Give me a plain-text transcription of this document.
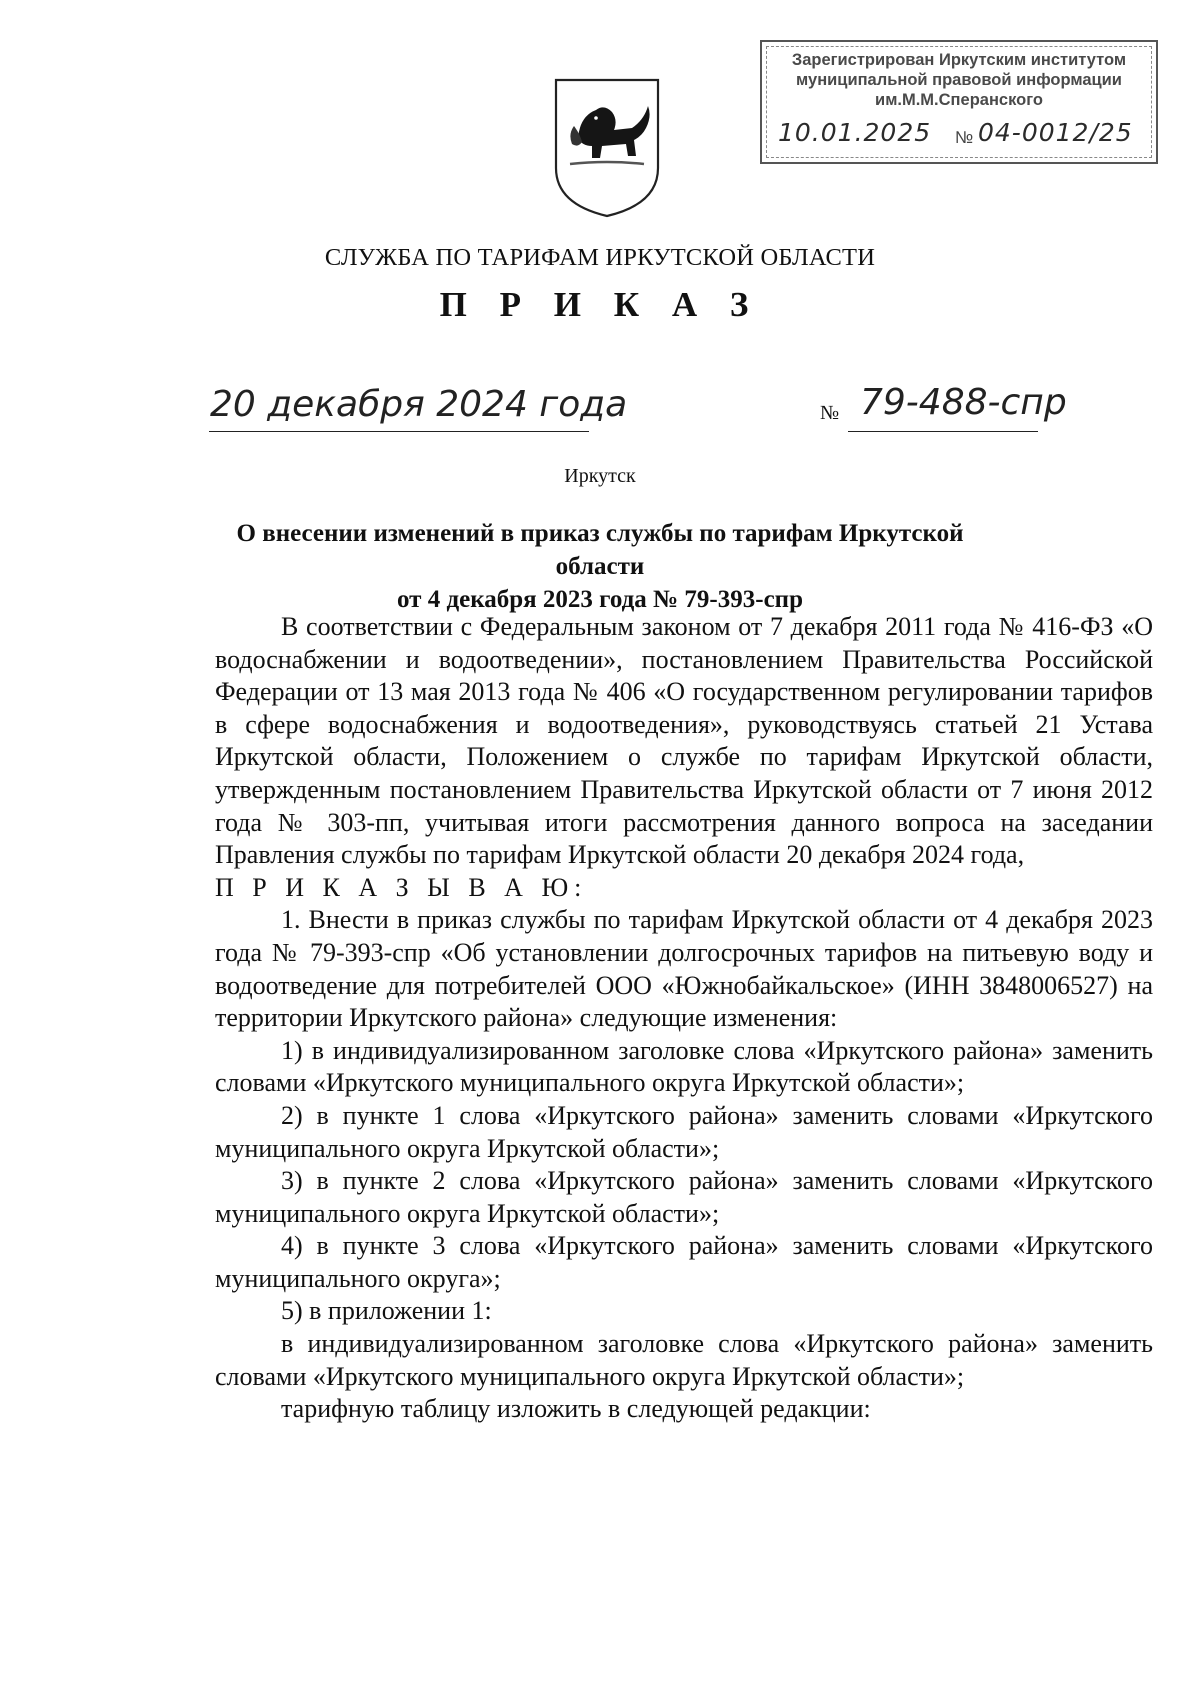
Зарегистрирован Иркутским институтом
муниципальной правовой информации
им.М.М.Сперанского
10.01.2025 № 04-0012/25
СЛУЖБА ПО ТАРИФАМ ИРКУТСКОЙ ОБЛАСТИ
П Р И К А З
20 декабря 2024 года	№ 79-488-спр
Иркутск
О внесении изменений в приказ службы по тарифам Иркутской области
от 4 декабря 2023 года № 79-393-спр

В соответствии с Федеральным законом от 7 декабря 2011 года № 416-ФЗ «О водоснабжении и водоотведении», постановлением Правительства Российской Федерации от 13 мая 2013 года № 406 «О государственном регулировании тарифов в сфере водоснабжения и водоотведения», руководствуясь статьей 21 Устава Иркутской области, Положением о службе по тарифам Иркутской области, утвержденным постановлением Правительства Иркутской области от 7 июня 2012 года № 303-пп, учитывая итоги рассмотрения данного вопроса на заседании Правления службы по тарифам Иркутской области 20 декабря 2024 года,

П Р И К А З Ы В А Ю:

1. Внести в приказ службы по тарифам Иркутской области от 4 декабря 2023 года № 79-393-спр «Об установлении долгосрочных тарифов на питьевую воду и водоотведение для потребителей ООО «Южнобайкальское» (ИНН 3848006527) на территории Иркутского района» следующие изменения:

1) в индивидуализированном заголовке слова «Иркутского района» заменить словами «Иркутского муниципального округа Иркутской области»;

2) в пункте 1 слова «Иркутского района» заменить словами «Иркутского муниципального округа Иркутской области»;

3) в пункте 2 слова «Иркутского района» заменить словами «Иркутского муниципального округа Иркутской области»;

4) в пункте 3 слова «Иркутского района» заменить словами «Иркутского муниципального округа»;

5) в приложении 1:

в индивидуализированном заголовке слова «Иркутского района» заменить словами «Иркутского муниципального округа Иркутской области»;

тарифную таблицу изложить в следующей редакции:
